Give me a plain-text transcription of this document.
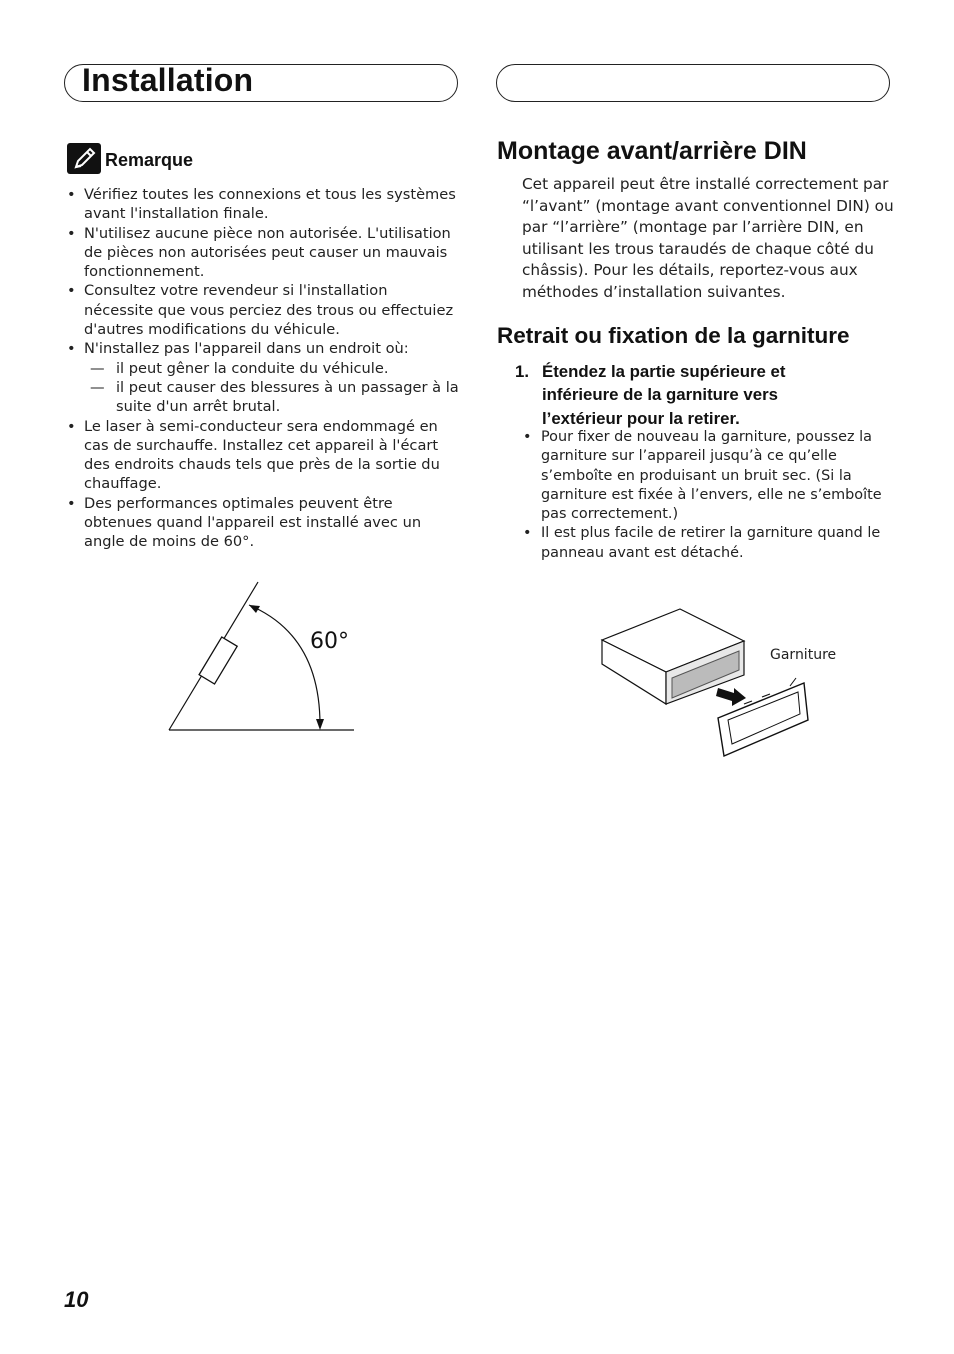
Installation
Remarque
• Vérifiez toutes les connexions et tous les systèmes avant l'installation finale.
• N'utilisez aucune pièce non autorisée. L'utilisation de pièces non autorisées peut causer un mauvais fonctionnement.
• Consultez votre revendeur si l'installation nécessite que vous perciez des trous ou effectuiez d'autres modifications du véhicule.
• N'installez pas l'appareil dans un endroit où:
— il peut gêner la conduite du véhicule.
— il peut causer des blessures à un passager à la suite d'un arrêt brutal.
• Le laser à semi-conducteur sera endommagé en cas de surchauffe. Installez cet appareil à l'écart des endroits chauds tels que près de la sortie du chauffage.
• Des performances optimales peuvent être obtenues quand l'appareil est installé avec un angle de moins de 60°.
60°
Montage avant/arrière DIN

Cet appareil peut être installé correctement par “l’avant” (montage avant conventionnel DIN) ou par “l’arrière” (montage par l’arrière DIN, en utilisant les trous taraudés de chaque côté du châssis). Pour les détails, reportez-vous aux méthodes d’installation suivantes.

Retrait ou fixation de la garniture
1. Étendez la partie supérieure et inférieure de la garniture vers l’extérieur pour la retirer.
• Pour fixer de nouveau la garniture, poussez la garniture sur l’appareil jusqu’à ce qu’elle s’emboîte en produisant un bruit sec. (Si la garniture est fixée à l’envers, elle ne s’emboîte pas correctement.)
• Il est plus facile de retirer la garniture quand le panneau avant est détaché.
Garniture
10
